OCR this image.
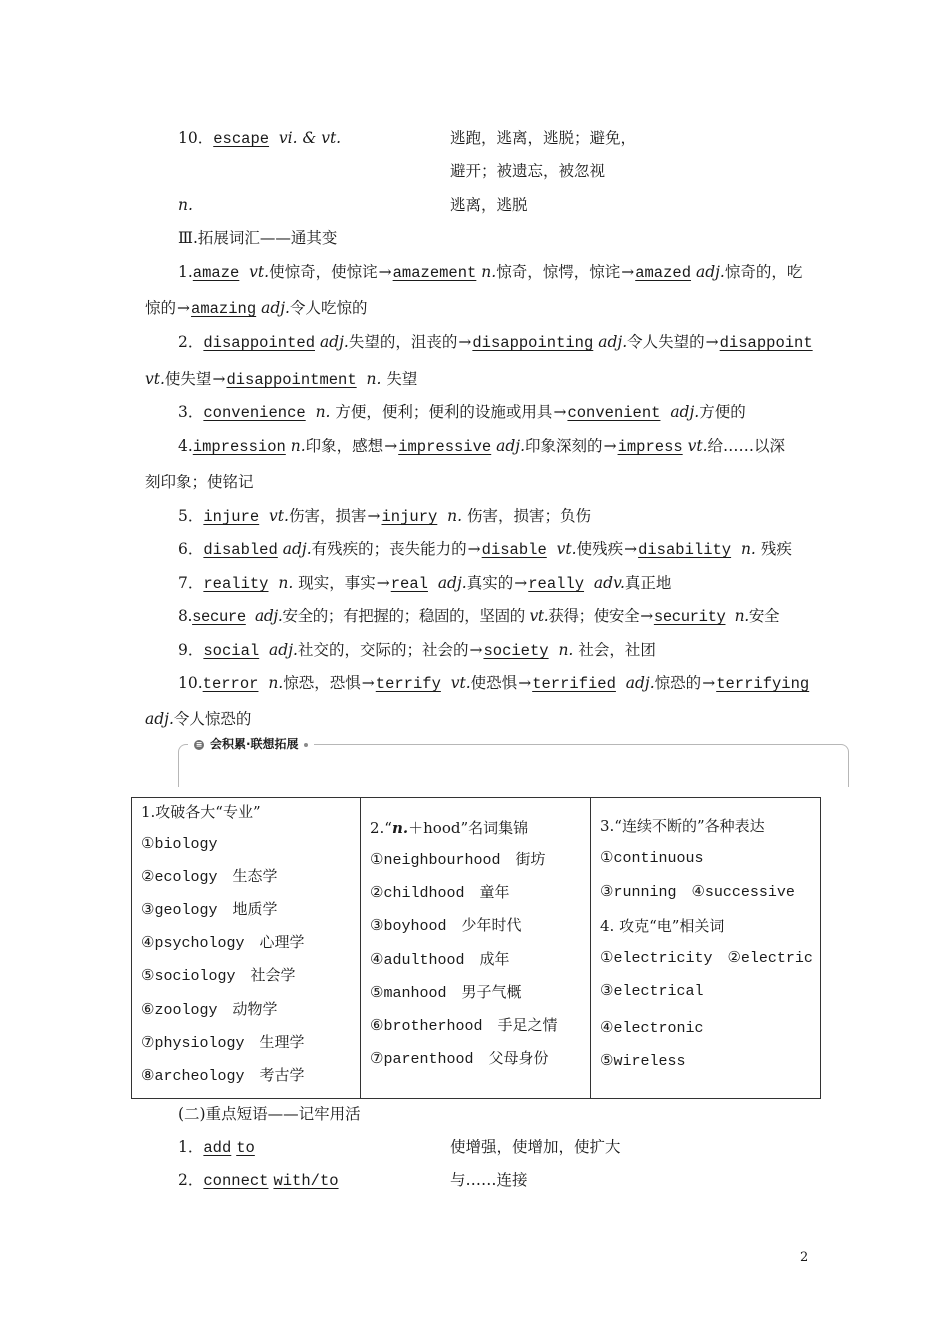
10．escape vi. & vt.	逃跑，逃离，逃脱；避免，
避开；被遗忘，被忽视
n.	逃离，逃脱
Ⅲ.拓展词汇——通其变
1.amaze vt.使惊奇，使惊诧→amazement n.惊奇，惊愕，惊诧→amazed adj.惊奇的，吃
惊的→amazing adj.令人吃惊的
2．disappointed adj.失望的，沮丧的→disappointing adj.令人失望的→disappoint
vt.使失望→disappointment n. 失望
3．convenience n. 方便，便利；便利的设施或用具→convenient adj.方便的
4.impression n.印象，感想→impressive adj.印象深刻的→impress vt.给……以深
刻印象；使铭记
5．injure vt.伤害，损害→injury n. 伤害，损害；负伤
6．disabled adj.有残疾的；丧失能力的→disable vt.使残疾→disability n. 残疾
7．reality n. 现实，事实→real adj.真实的→really adv.真正地
8.secure adj.安全的；有把握的；稳固的，坚固的 vt.获得；使安全→security n.安全
9．social adj.社交的，交际的；社会的→society n. 社会，社团
10.terror n.惊恐，恐惧→terrify vt.使恐惧→terrified adj.惊恐的→terrifying
adj.令人惊恐的
≡ 会积累·联想拓展
1.攻破各大“专业”
①biology
②ecology　生态学
③geology　地质学
④psychology　心理学
⑤sociology　社会学
⑥zoology　动物学
⑦physiology　生理学
⑧archeology　考古学

2.“n.＋hood”名词集锦
①neighbourhood　街坊
②childhood　童年
③boyhood　少年时代
④adulthood　成年
⑤manhood　男子气概
⑥brotherhood　手足之情
⑦parenthood　父母身份

3.“连续不断的”各种表达
①continuous
③running　④successive
4. 攻克“电”相关词
①electricity　②electric
③electrical
④electronic
⑤wireless
(二)重点短语——记牢用活
1．add to	使增强，使增加，使扩大
2．connect with/to	与……连接
2
